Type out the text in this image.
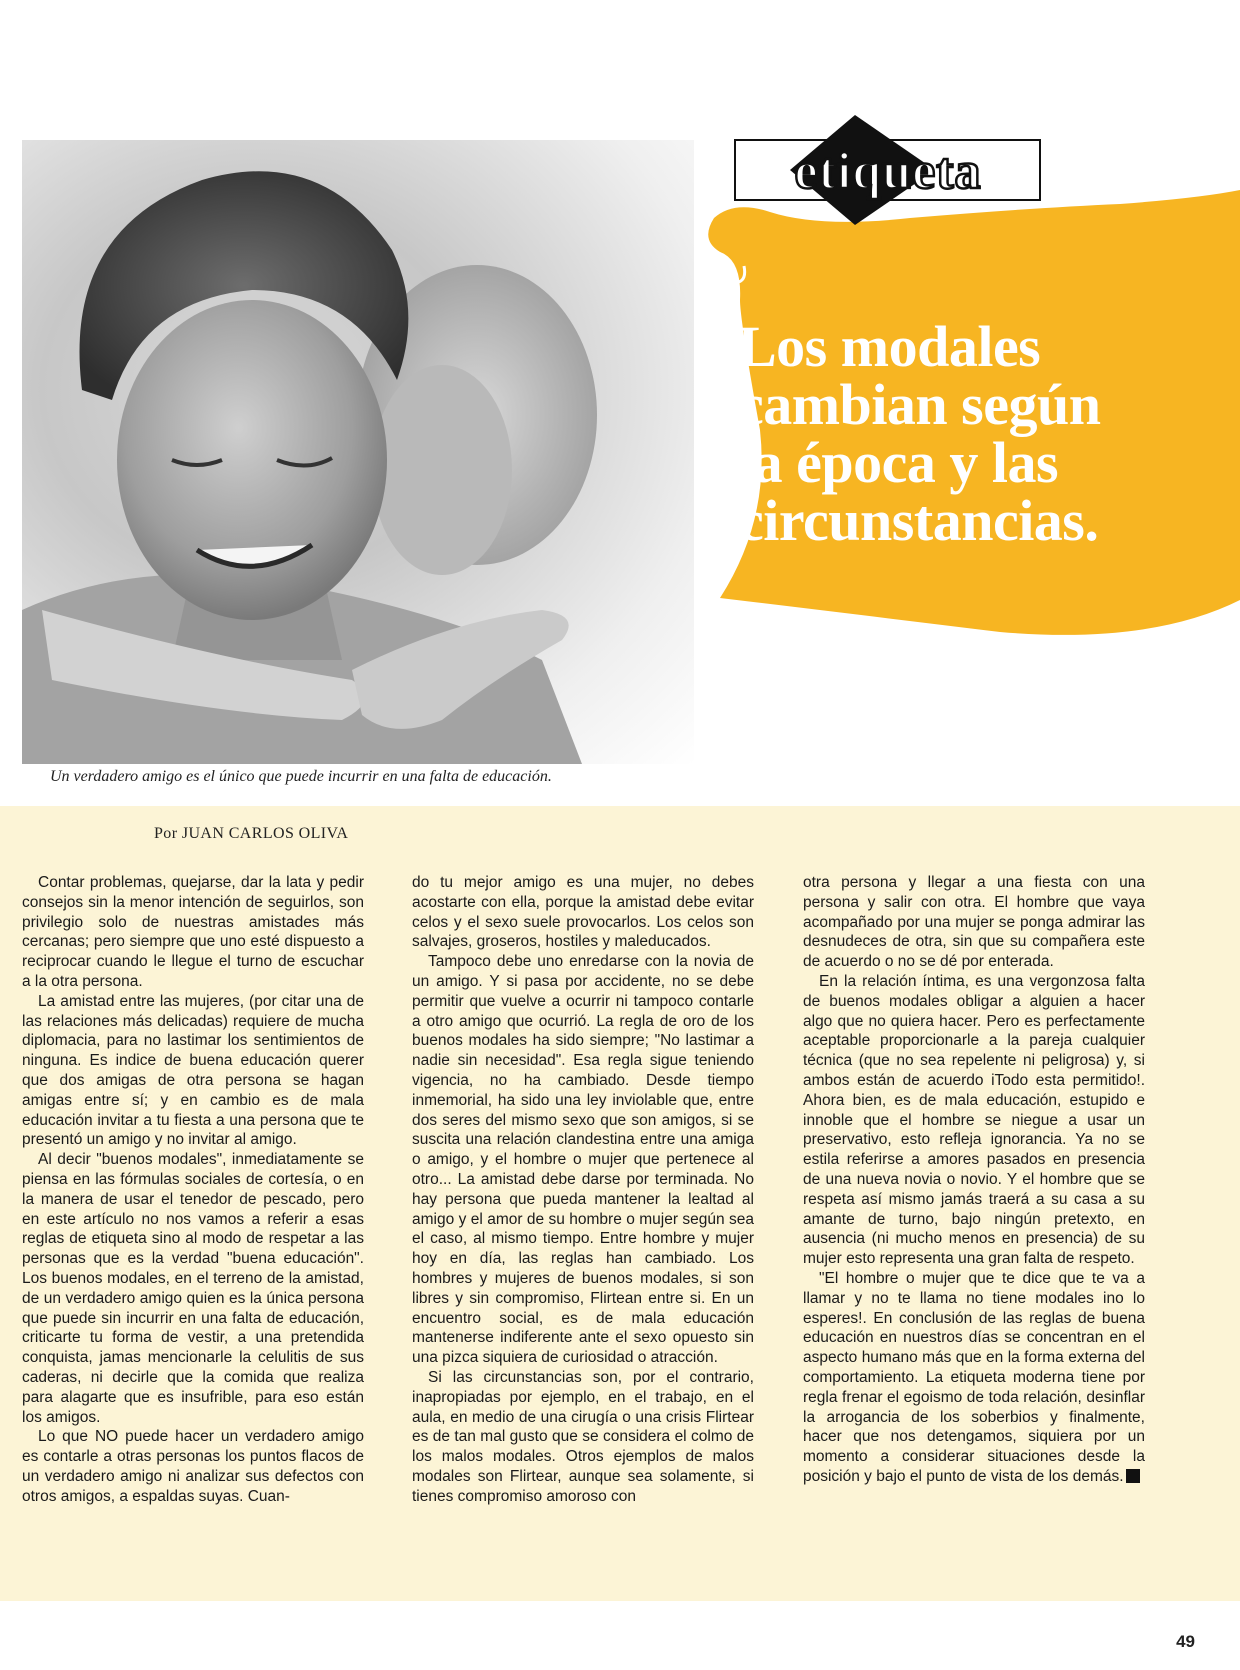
Un verdadero amigo es el único que puede incurrir en una falta de educación.
Los modales
cambian según
la época y las
circunstancias.
etiqueta
Por JUAN CARLOS OLIVA

Contar problemas, quejarse, dar la lata y pedir consejos sin la menor intención de seguirlos, son privilegio solo de nuestras amistades más cercanas; pero siempre que uno esté dispuesto a reciprocar cuando le llegue el turno de escuchar a la otra persona.

La amistad entre las mujeres, (por citar una de las relaciones más delicadas) requiere de mucha diplomacia, para no lastimar los sentimientos de ninguna. Es indice de buena educación querer que dos amigas de otra persona se hagan amigas entre sí; y en cambio es de mala educación invitar a tu fiesta a una persona que te presentó un amigo y no invitar al amigo.

Al decir "buenos modales", inmediatamente se piensa en las fórmulas sociales de cortesía, o en la manera de usar el tenedor de pescado, pero en este artículo no nos vamos a referir a esas reglas de etiqueta sino al modo de respetar a las personas que es la verdad "buena educación". Los buenos modales, en el terreno de la amistad, de un verdadero amigo quien es la única persona que puede sin incurrir en una falta de educación, criticarte tu forma de vestir, a una pretendida conquista, jamas mencionarle la celulitis de sus caderas, ni decirle que la comida que realiza para alagarte que es insufrible, para eso están los amigos.

Lo que NO puede hacer un verdadero amigo es contarle a otras personas los puntos flacos de un verdadero amigo ni analizar sus defectos con otros amigos, a espaldas suyas. Cuan-

do tu mejor amigo es una mujer, no debes acostarte con ella, porque la amistad debe evitar celos y el sexo suele provocarlos. Los celos son salvajes, groseros, hostiles y maleducados.

Tampoco debe uno enredarse con la novia de un amigo. Y si pasa por accidente, no se debe permitir que vuelve a ocurrir ni tampoco contarle a otro amigo que ocurrió. La regla de oro de los buenos modales ha sido siempre; "No lastimar a nadie sin necesidad". Esa regla sigue teniendo vigencia, no ha cambiado. Desde tiempo inmemorial, ha sido una ley inviolable que, entre dos seres del mismo sexo que son amigos, si se suscita una relación clandestina entre una amiga o amigo, y el hombre o mujer que pertenece al otro... La amistad debe darse por terminada. No hay persona que pueda mantener la lealtad al amigo y el amor de su hombre o mujer según sea el caso, al mismo tiempo. Entre hombre y mujer hoy en día, las reglas han cambiado. Los hombres y mujeres de buenos modales, si son libres y sin compromiso, Flirtean entre si. En un encuentro social, es de mala educación mantenerse indiferente ante el sexo opuesto sin una pizca siquiera de curiosidad o atracción.

Si las circunstancias son, por el contrario, inapropiadas por ejemplo, en el trabajo, en el aula, en medio de una cirugía o una crisis Flirtear es de tan mal gusto que se considera el colmo de los malos modales. Otros ejemplos de malos modales son Flirtear, aunque sea solamente, si tienes compromiso amoroso con

otra persona y llegar a una fiesta con una persona y salir con otra. El hombre que vaya acompañado por una mujer se ponga admirar las desnudeces de otra, sin que su compañera este de acuerdo o no se dé por enterada.

En la relación íntima, es una vergonzosa falta de buenos modales obligar a alguien a hacer algo que no quiera hacer. Pero es perfectamente aceptable proporcionarle a la pareja cualquier técnica (que no sea repelente ni peligrosa) y, si ambos están de acuerdo iTodo esta permitido!. Ahora bien, es de mala educación, estupido e innoble que el hombre se niegue a usar un preservativo, esto refleja ignorancia. Ya no se estila referirse a amores pasados en presencia de una nueva novia o novio. Y el hombre que se respeta así mismo jamás traerá a su casa a su amante de turno, bajo ningún pretexto, en ausencia (ni mucho menos en presencia) de su mujer esto representa una gran falta de respeto.

"El hombre o mujer que te dice que te va a llamar y no te llama no tiene modales ino lo esperes!. En conclusión de las reglas de buena educación en nuestros días se concentran en el aspecto humano más que en la forma externa del comportamiento. La etiqueta moderna tiene por regla frenar el egoismo de toda relación, desinflar la arrogancia de los soberbios y finalmente, hacer que nos detengamos, siquiera por un momento a considerar situaciones desde la posición y bajo el punto de vista de los demás.

49
